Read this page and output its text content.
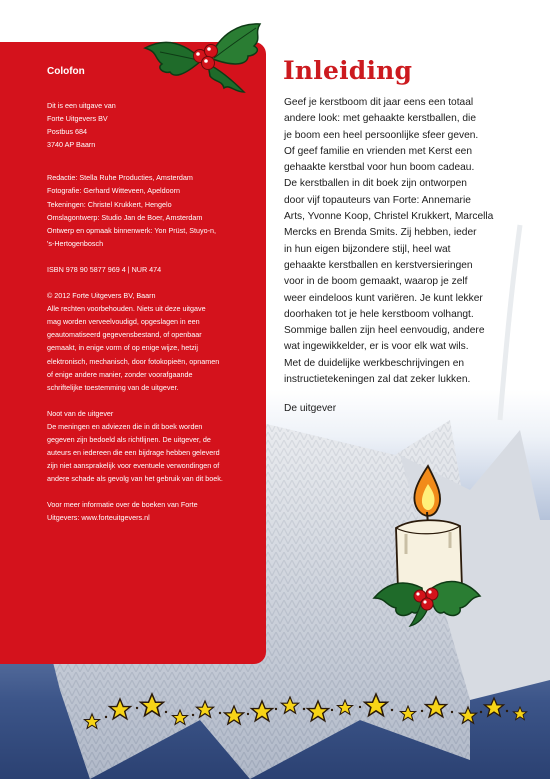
Colofon
Dit is een uitgave van
Forte Uitgevers BV
Postbus 684
3740 AP Baarn
Redactie: Stella Ruhe Producties, Amsterdam
Fotografie: Gerhard Witteveen, Apeldoorn
Tekeningen: Christel Krukkert, Hengelo
Omslagontwerp: Studio Jan de Boer, Amsterdam
Ontwerp en opmaak binnenwerk: Yon Prüst, Stuyo-n,
's-Hertogenbosch
ISBN 978 90 5877 969 4 | NUR 474
© 2012 Forte Uitgevers BV, Baarn
Alle rechten voorbehouden. Niets uit deze uitgave
mag worden verveelvoudigd, opgeslagen in een
geautomatiseerd gegevensbestand, of openbaar
gemaakt, in enige vorm of op enige wijze, hetzij
elektronisch, mechanisch, door fotokopieën, opnamen
of enige andere manier, zonder voorafgaande
schriftelijke toestemming van de uitgever.
Noot van de uitgever
De meningen en adviezen die in dit boek worden
gegeven zijn bedoeld als richtlijnen. De uitgever, de
auteurs en iedereen die een bijdrage hebben geleverd
zijn niet aansprakelijk voor eventuele verwondingen of
andere schade als gevolg van het gebruik van dit boek.
Voor meer informatie over de boeken van Forte
Uitgevers: www.forteuitgevers.nl
Inleiding
Geef je kerstboom dit jaar eens een totaal
andere look: met gehaakte kerstballen, die
je boom een heel persoonlijke sfeer geven.
Of geef familie en vrienden met Kerst een
gehaakte kerstbal voor hun boom cadeau.
De kerstballen in dit boek zijn ontworpen
door vijf topauteurs van Forte: Annemarie
Arts, Yvonne Koop, Christel Krukkert, Marcella
Mercks en Brenda Smits. Zij hebben, ieder
in hun eigen bijzondere stijl, heel wat
gehaakte kerstballen en kerstversieringen
voor in de boom gemaakt, waarop je zelf
weer eindeloos kunt variëren. Je kunt lekker
doorhaken tot je hele kerstboom volhangt.
Sommige ballen zijn heel eenvoudig, andere
wat ingewikkelder, er is voor elk wat wils.
Met de duidelijke werkbeschrijvingen en
instructietekeningen zal dat zeker lukken.
De uitgever
